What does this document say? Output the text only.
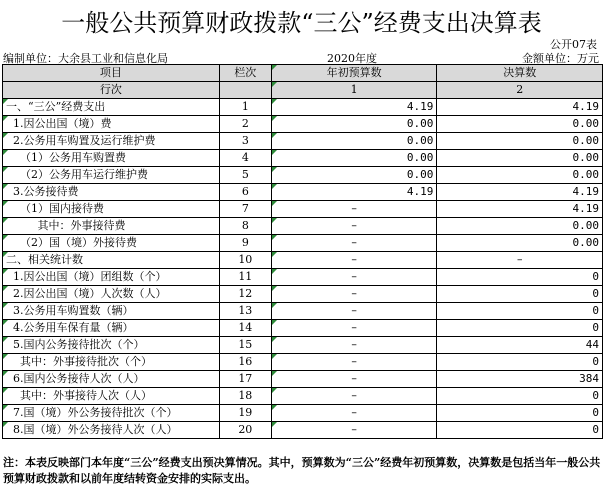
一般公共预算财政拨款“三公”经费支出决算表
公开07表
编制单位：大余县工业和信息化局	2020年度	金额单位：万元
项目	栏次	年初预算数	决算数
行次		1	2
一、“三公”经费支出	1	4.19	4.19
1.因公出国（境）费	2	0.00	0.00
2.公务用车购置及运行维护费	3	0.00	0.00
（1）公务用车购置费	4	0.00	0.00
（2）公务用车运行维护费	5	0.00	0.00
3.公务接待费	6	4.19	4.19
（1）国内接待费	7	–	4.19
其中：外事接待费	8	–	0.00
（2）国（境）外接待费	9	–	0.00
二、相关统计数	10	–	–
1.因公出国（境）团组数（个）	11	–	0
2.因公出国（境）人次数（人）	12	–	0
3.公务用车购置数（辆）	13	–	0
4.公务用车保有量（辆）	14	–	0
5.国内公务接待批次（个）	15	–	44
其中：外事接待批次（个）	16	–	0
6.国内公务接待人次（人）	17	–	384
其中：外事接待人次（人）	18	–	0
7.国（境）外公务接待批次（个）	19	–	0
8.国（境）外公务接待人次（人）	20	–	0
注：本表反映部门本年度“三公”经费支出预决算情况。其中，预算数为“三公”经费年初预算数，决算数是包括当年一般公共预算财政拨款和以前年度结转资金安排的实际支出。
